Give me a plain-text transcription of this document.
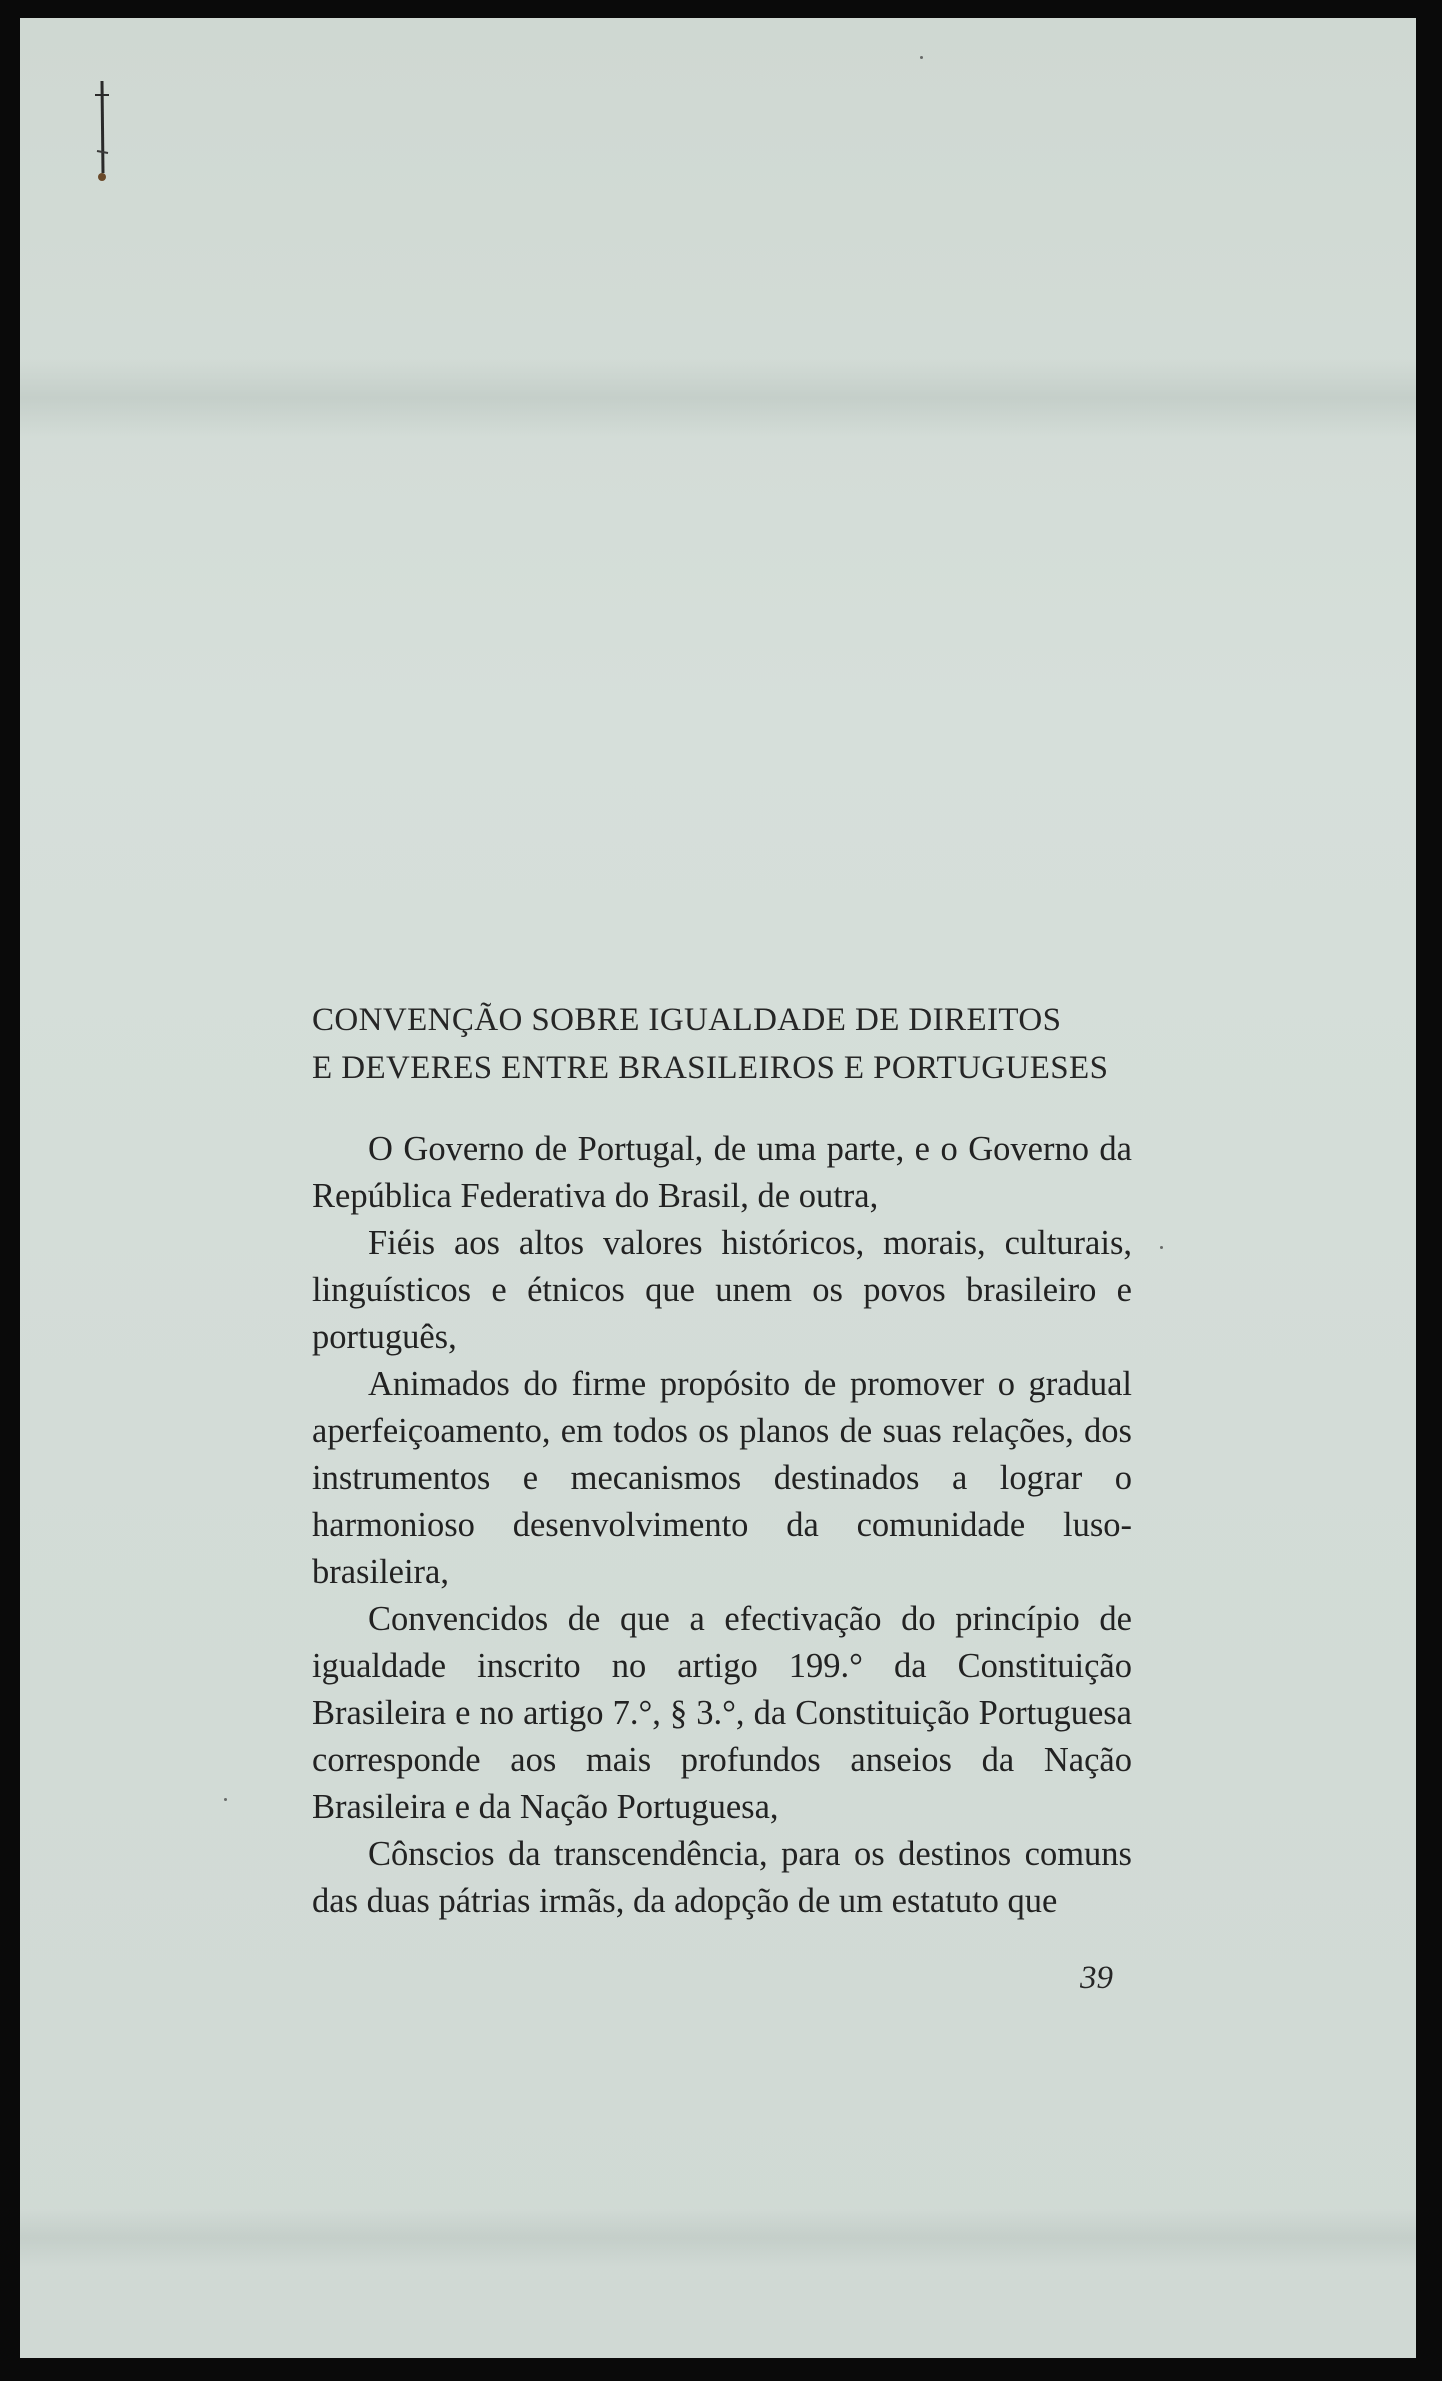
CONVENÇÃO SOBRE IGUALDADE DE DIREITOS
E DEVERES ENTRE BRASILEIROS E PORTUGUESES

O Governo de Portugal, de uma parte, e o Governo da República Federativa do Brasil, de outra,

Fiéis aos altos valores históricos, morais, culturais, linguísticos e étnicos que unem os povos brasileiro e português,

Animados do firme propósito de promover o gradual aperfeiçoamento, em todos os planos de suas relações, dos instrumentos e mecanismos destinados a lograr o harmonioso desenvolvimento da comunidade luso-brasileira,

Convencidos de que a efectivação do princípio de igualdade inscrito no artigo 199.° da Constituição Brasileira e no artigo 7.°, § 3.°, da Constituição Portuguesa corresponde aos mais profundos anseios da Nação Brasileira e da Nação Portuguesa,

Cônscios da transcendência, para os destinos comuns das duas pátrias irmãs, da adopção de um estatuto que

39
